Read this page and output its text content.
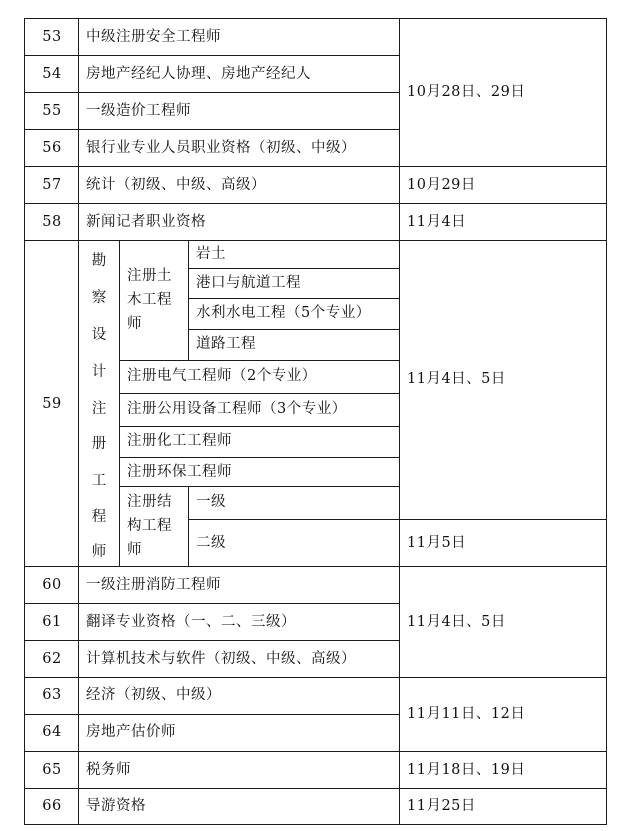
53
54
55
56
57
58
59
60
61
62
63
64
65
66
中级注册安全工程师
房地产经纪人协理、房地产经纪人
一级造价工程师
银行业专业人员职业资格（初级、中级）
统计（初级、中级、高级）
新闻记者职业资格
一级注册消防工程师
翻译专业资格（一、二、三级）
计算机技术与软件（初级、中级、高级）
经济（初级、中级）
房地产估价师
税务师
导游资格
勘
察
设
计
注
册
工
程
师
注册土
木工程
师
岩土
港口与航道工程
水利水电工程（5个专业）
道路工程
注册电气工程师（2个专业）
注册公用设备工程师（3个专业）
注册化工工程师
注册环保工程师
注册结
构工程
师
一级
二级
10月28日、29日
10月29日
11月4日
11月4日、5日
11月5日
11月4日、5日
11月11日、12日
11月18日、19日
11月25日
